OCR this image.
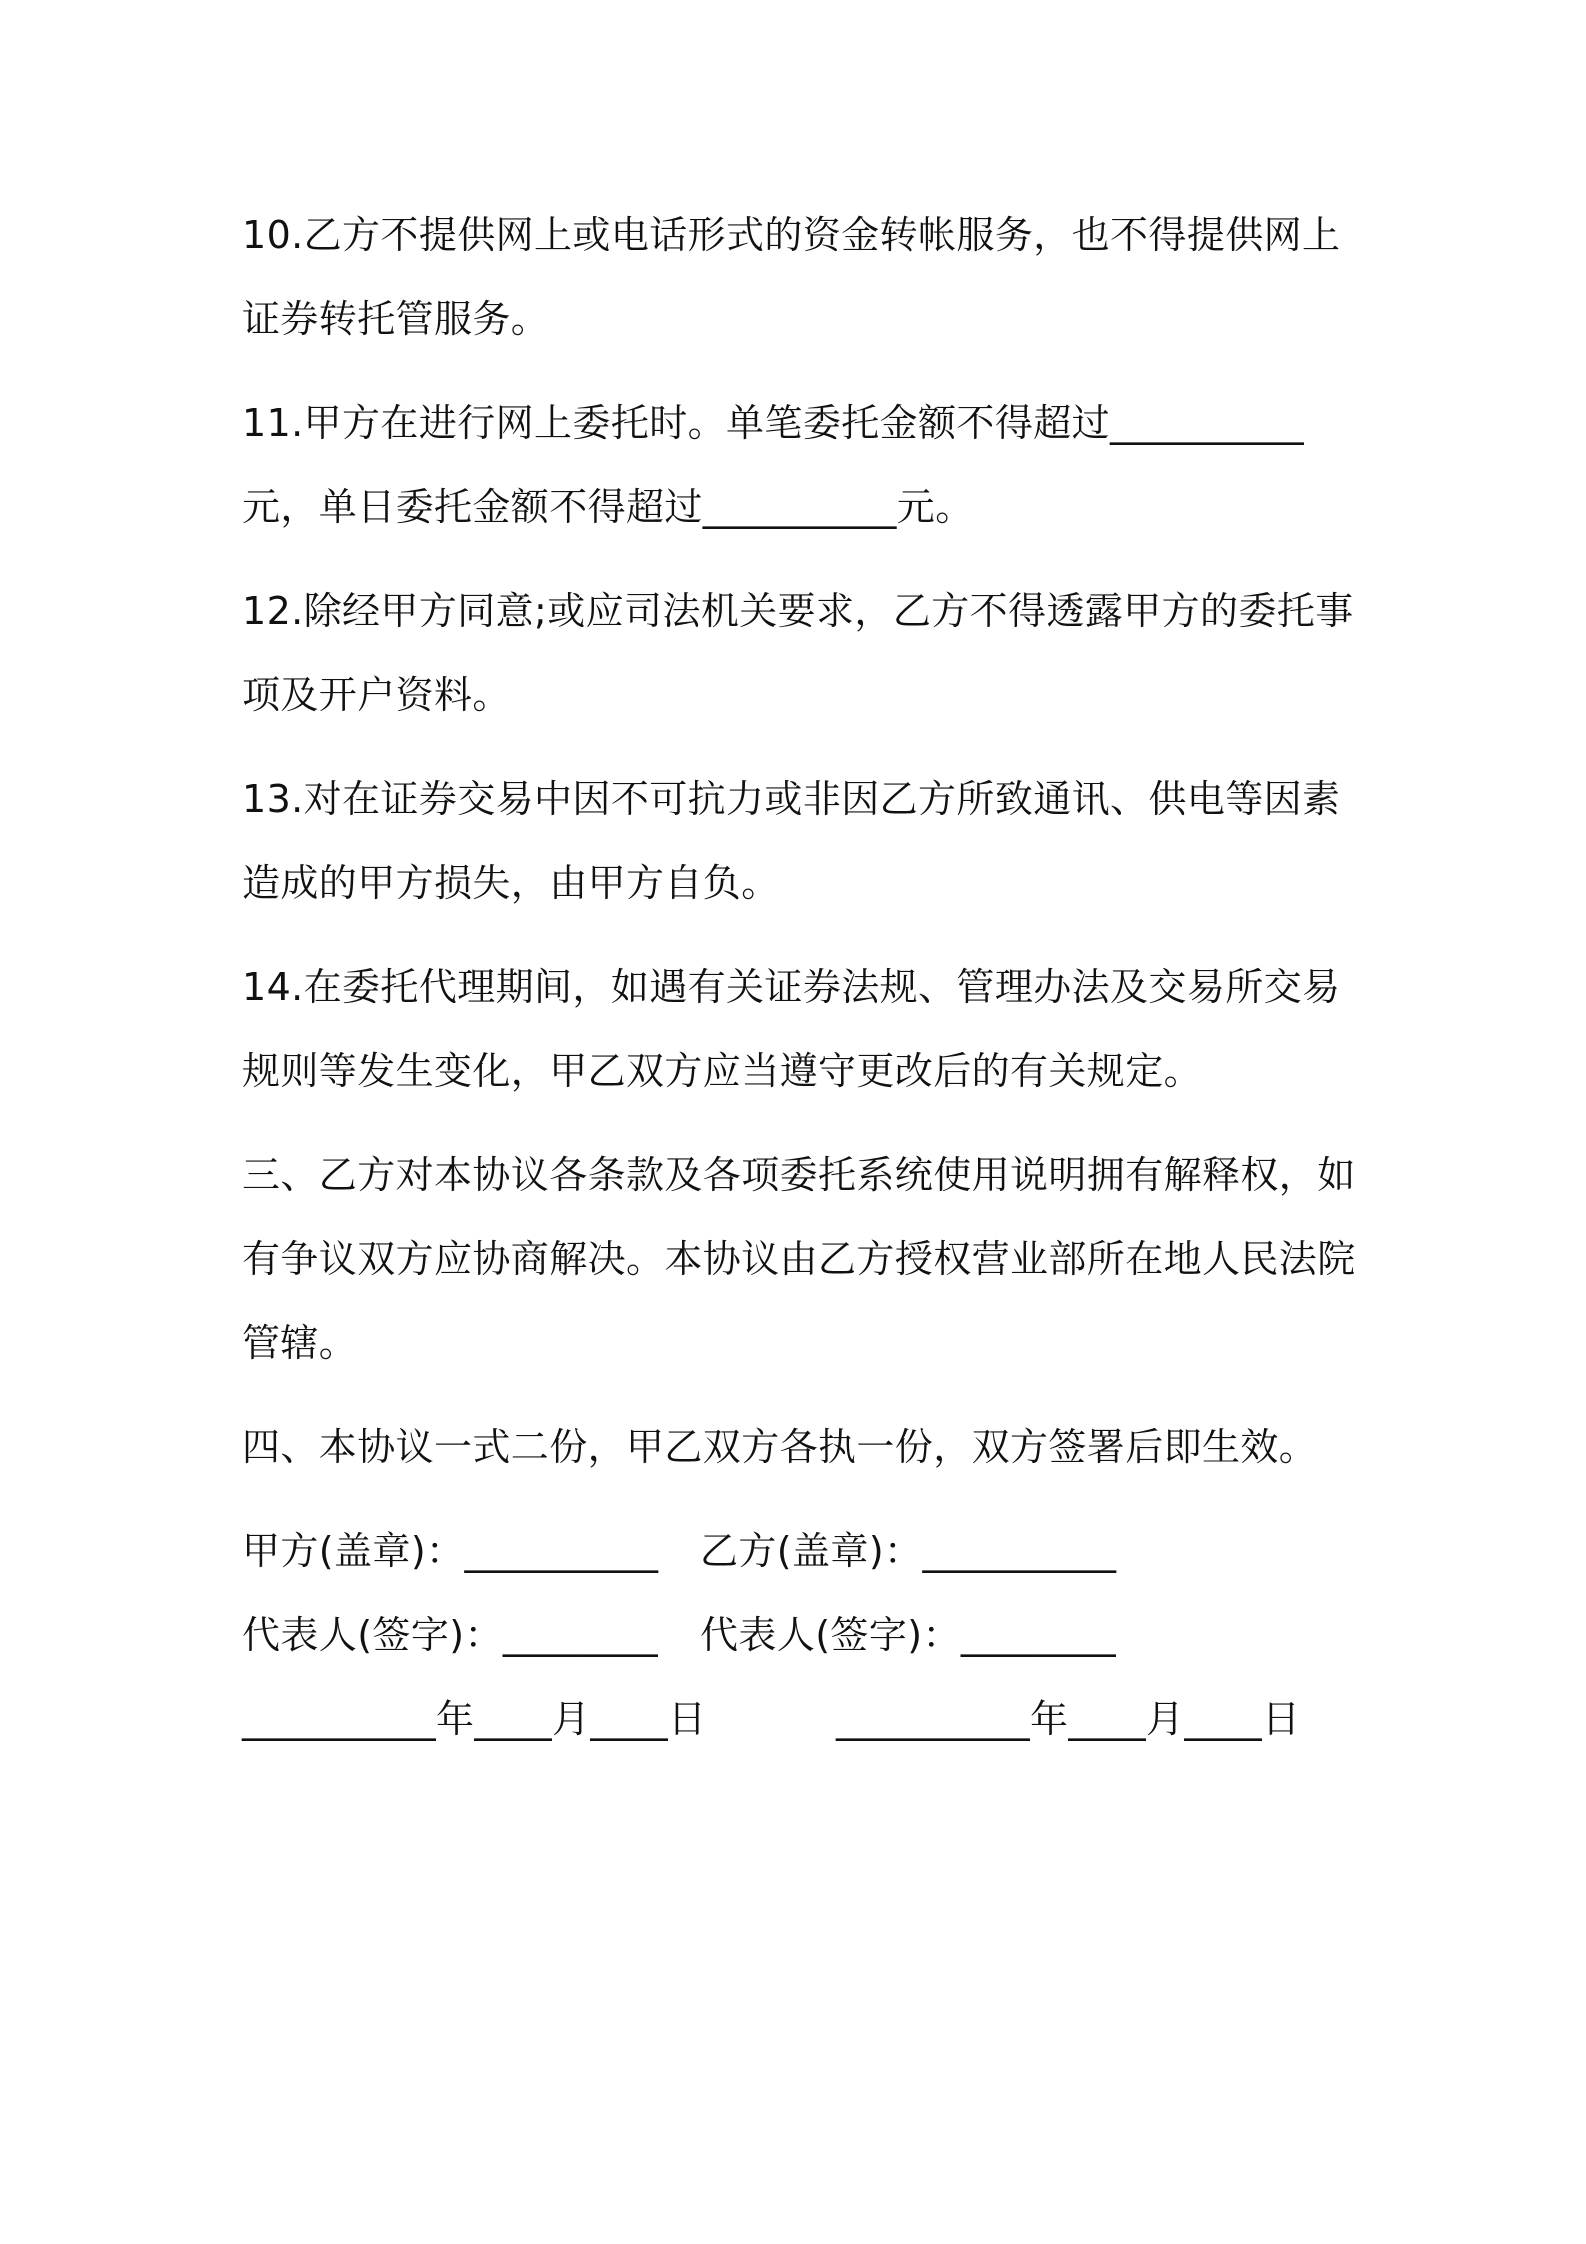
10.乙方不提供网上或电话形式的资金转帐服务，也不得提供网上证券转托管服务。

11.甲方在进行网上委托时。单笔委托金额不得超过__________元，单日委托金额不得超过__________元。

12.除经甲方同意;或应司法机关要求，乙方不得透露甲方的委托事项及开户资料。

13.对在证券交易中因不可抗力或非因乙方所致通讯、供电等因素造成的甲方损失，由甲方自负。

14.在委托代理期间，如遇有关证券法规、管理办法及交易所交易规则等发生变化，甲乙双方应当遵守更改后的有关规定。

三、乙方对本协议各条款及各项委托系统使用说明拥有解释权，如有争议双方应协商解决。本协议由乙方授权营业部所在地人民法院管辖。

四、本协议一式二份，甲乙双方各执一份，双方签署后即生效。

甲方(盖章)：__________ 乙方(盖章)：__________
代表人(签字)：________ 代表人(签字)：________
__________年____月____日	__________年____月____日
